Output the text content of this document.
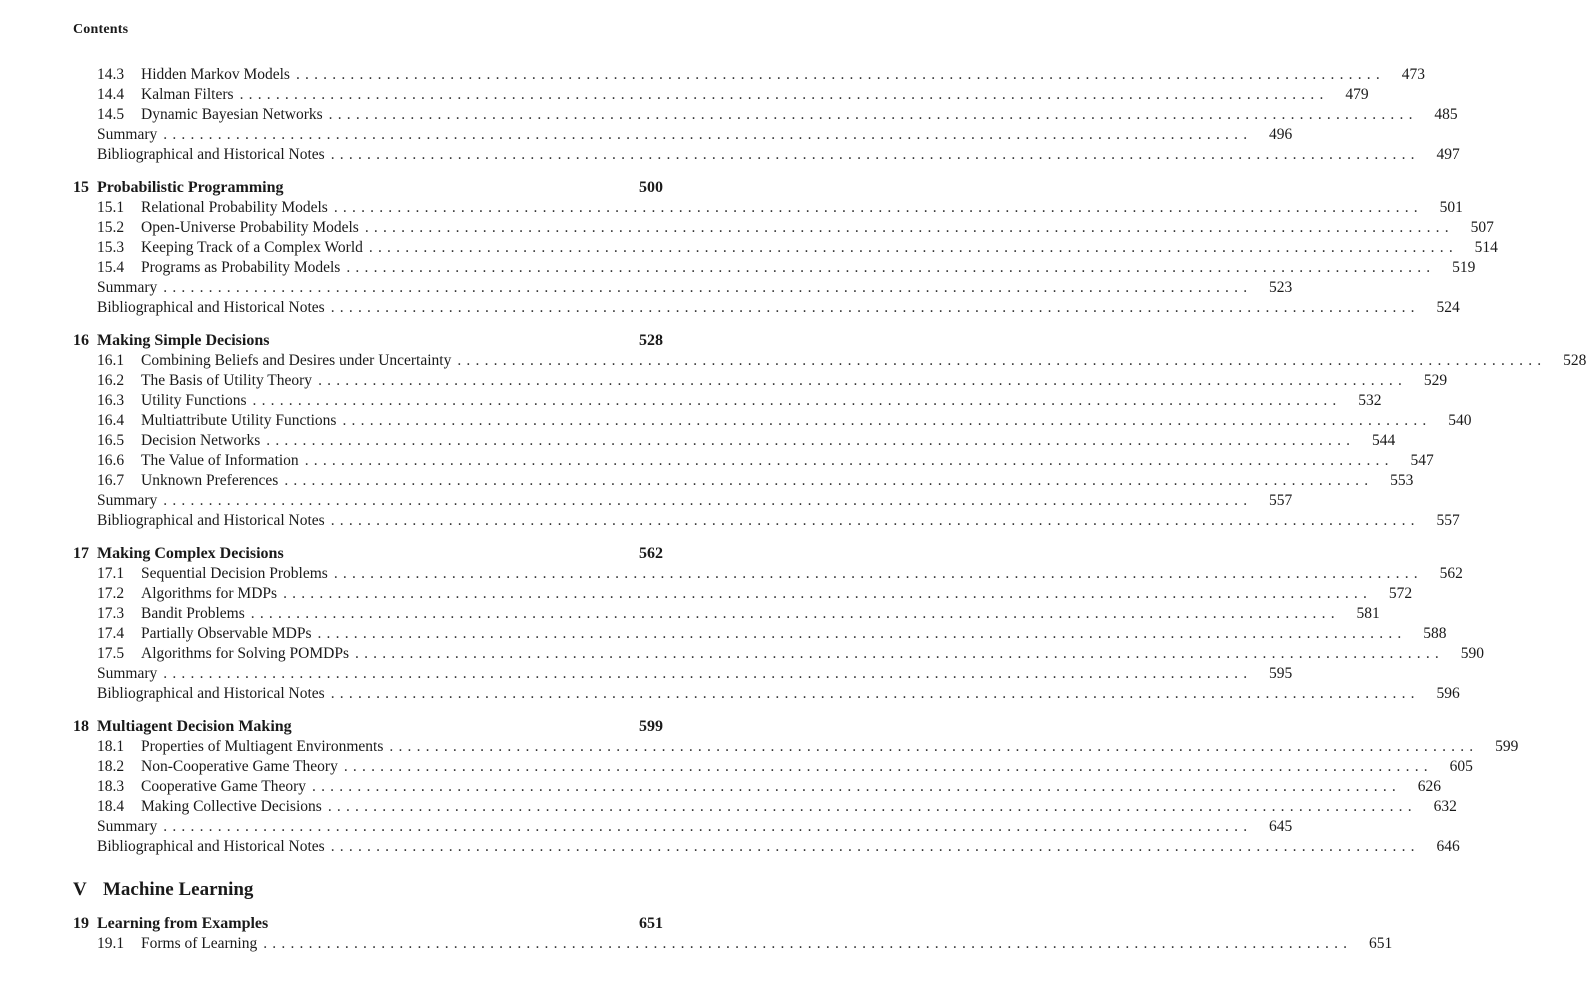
Contents
14.3	Hidden Markov Models ........................................................................................................................	473
14.4	Kalman Filters ........................................................................................................................	479
14.5	Dynamic Bayesian Networks ........................................................................................................................	485
Summary ........................................................................................................................	496
Bibliographical and Historical Notes ........................................................................................................................	497
15 Probabilistic Programming	500
15.1	Relational Probability Models ........................................................................................................................	501
15.2	Open-Universe Probability Models ........................................................................................................................	507
15.3	Keeping Track of a Complex World ........................................................................................................................	514
15.4	Programs as Probability Models ........................................................................................................................	519
Summary ........................................................................................................................	523
Bibliographical and Historical Notes ........................................................................................................................	524
16 Making Simple Decisions	528
16.1	Combining Beliefs and Desires under Uncertainty ........................................................................................................................	528
16.2	The Basis of Utility Theory ........................................................................................................................	529
16.3	Utility Functions ........................................................................................................................	532
16.4	Multiattribute Utility Functions ........................................................................................................................	540
16.5	Decision Networks ........................................................................................................................	544
16.6	The Value of Information ........................................................................................................................	547
16.7	Unknown Preferences ........................................................................................................................	553
Summary ........................................................................................................................	557
Bibliographical and Historical Notes ........................................................................................................................	557
17 Making Complex Decisions	562
17.1	Sequential Decision Problems ........................................................................................................................	562
17.2	Algorithms for MDPs ........................................................................................................................	572
17.3	Bandit Problems ........................................................................................................................	581
17.4	Partially Observable MDPs ........................................................................................................................	588
17.5	Algorithms for Solving POMDPs ........................................................................................................................	590
Summary ........................................................................................................................	595
Bibliographical and Historical Notes ........................................................................................................................	596
18 Multiagent Decision Making	599
18.1	Properties of Multiagent Environments ........................................................................................................................	599
18.2	Non-Cooperative Game Theory ........................................................................................................................	605
18.3	Cooperative Game Theory ........................................................................................................................	626
18.4	Making Collective Decisions ........................................................................................................................	632
Summary ........................................................................................................................	645
Bibliographical and Historical Notes ........................................................................................................................	646
V Machine Learning
19 Learning from Examples	651
19.1	Forms of Learning ........................................................................................................................	651
